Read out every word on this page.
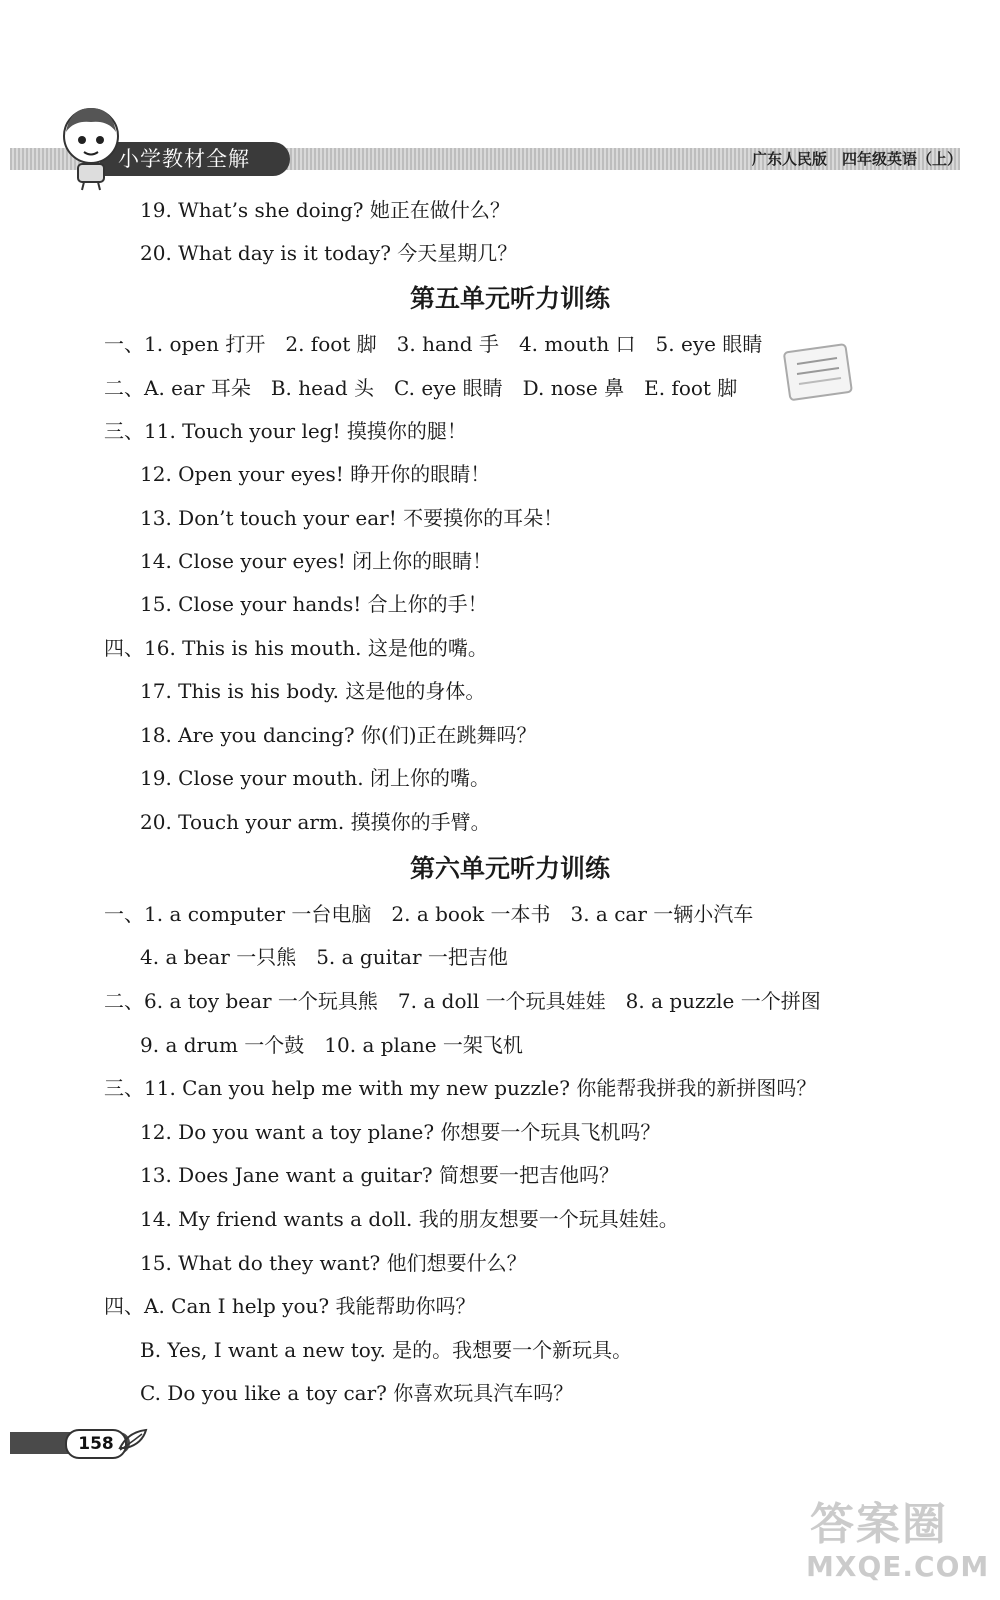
小学教材全解	广东人民版　四年级英语（上）
19. What’s she doing? 她正在做什么？
20. What day is it today? 今天星期几？
第五单元听力训练
一、1. open 打开　2. foot 脚　3. hand 手　4. mouth 口　5. eye 眼睛
二、A. ear 耳朵　B. head 头　C. eye 眼睛　D. nose 鼻　E. foot 脚
三、11. Touch your leg! 摸摸你的腿！
12. Open your eyes! 睁开你的眼睛！
13. Don’t touch your ear! 不要摸你的耳朵！
14. Close your eyes! 闭上你的眼睛！
15. Close your hands! 合上你的手！
四、16. This is his mouth. 这是他的嘴。
17. This is his body. 这是他的身体。
18. Are you dancing? 你(们)正在跳舞吗？
19. Close your mouth. 闭上你的嘴。
20. Touch your arm. 摸摸你的手臂。
第六单元听力训练
一、1. a computer 一台电脑　2. a book 一本书　3. a car 一辆小汽车
4. a bear 一只熊　5. a guitar 一把吉他
二、6. a toy bear 一个玩具熊　7. a doll 一个玩具娃娃　8. a puzzle 一个拼图
9. a drum 一个鼓　10. a plane 一架飞机
三、11. Can you help me with my new puzzle? 你能帮我拼我的新拼图吗？
12. Do you want a toy plane? 你想要一个玩具飞机吗？
13. Does Jane want a guitar? 简想要一把吉他吗？
14. My friend wants a doll. 我的朋友想要一个玩具娃娃。
15. What do they want? 他们想要什么？
四、A. Can I help you? 我能帮助你吗？
B. Yes, I want a new toy. 是的。我想要一个新玩具。
C. Do you like a toy car? 你喜欢玩具汽车吗？
158
答案圈
MXQE.COM
